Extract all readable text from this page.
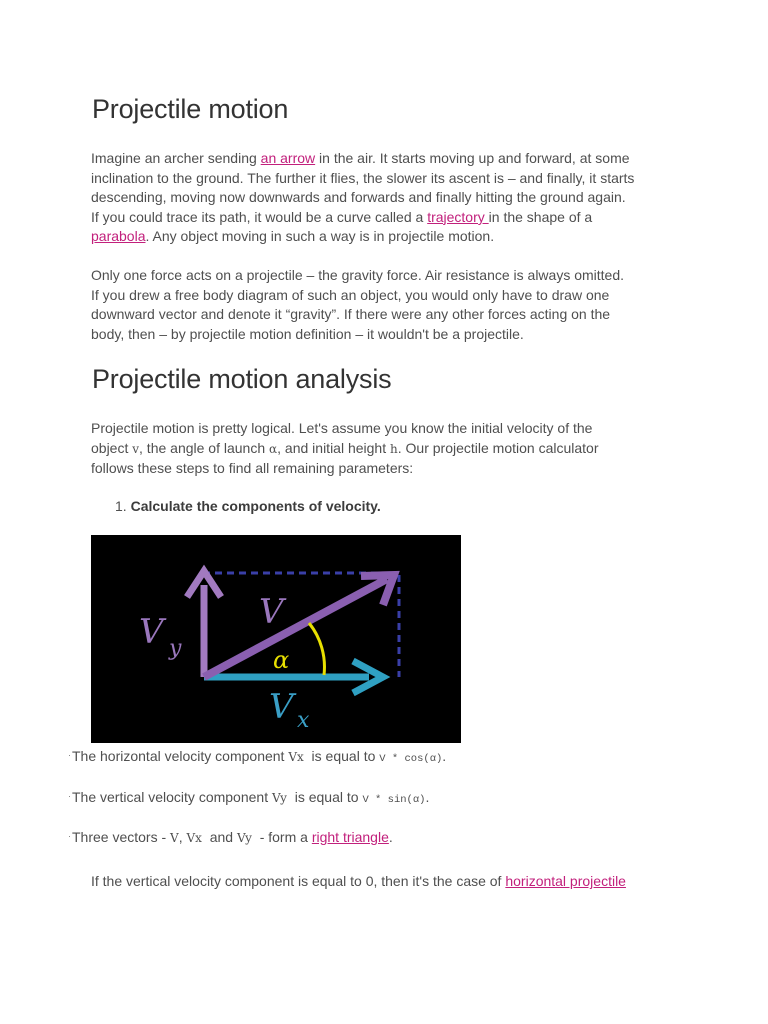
Projectile motion

Imagine an archer sending an arrow in the air. It starts moving up and forward, at some
inclination to the ground. The further it flies, the slower its ascent is – and finally, it starts
descending, moving now downwards and forwards and finally hitting the ground again.
If you could trace its path, it would be a curve called a trajectory in the shape of a
parabola. Any object moving in such a way is in projectile motion.

Only one force acts on a projectile – the gravity force. Air resistance is always omitted.
If you drew a free body diagram of such an object, you would only have to draw one
downward vector and denote it “gravity”. If there were any other forces acting on the
body, then – by projectile motion definition – it wouldn't be a projectile.

Projectile motion analysis

Projectile motion is pretty logical. Let's assume you know the initial velocity of the
object v, the angle of launch α, and initial height h. Our projectile motion calculator
follows these steps to find all remaining parameters:

1. Calculate the components of velocity.
V
α
V y
V x
·The horizontal velocity component Vx  is equal to V * cos(α).
·The vertical velocity component Vy  is equal to V * sin(α).
·Three vectors - V, Vx  and Vy  - form a right triangle.
If the vertical velocity component is equal to 0, then it's the case of horizontal projectile
